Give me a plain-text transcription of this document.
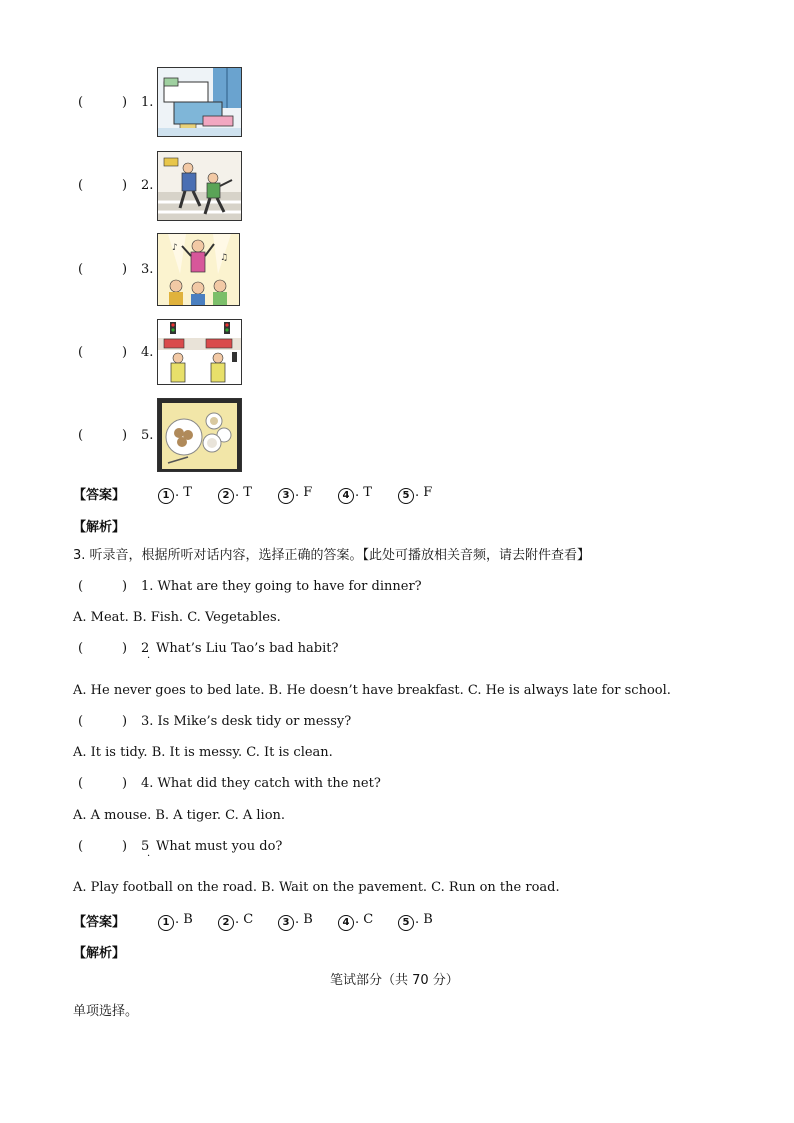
(	) 1.
(	) 2.
(	) 3.
♪
♫
(	) 4.
(	) 5.
【答案】	1 . T	2 . T	3 . F	4 . T	5 . F
【解析】
3. 听录音，根据所听对话内容，选择正确的答案。【此处可播放相关音频，请去附件查看】
(	) 1. What are they going to have for dinner?
A. Meat. B. Fish. C. Vegetables.
(	) 2
·
What’s Liu Tao’s bad habit?
A. He never goes to bed late. B. He doesn’t have breakfast. C. He is always late for school.
(	) 3. Is Mike’s desk tidy or messy?
A. It is tidy. B. It is messy. C. It is clean.
(	) 4. What did they catch with the net?
A. A mouse. B. A tiger. C. A lion.
(	) 5
·
What must you do?
A. Play football on the road. B. Wait on the pavement. C. Run on the road.
【答案】	1 . B	2 . C	3 . B	4 . C	5 . B
【解析】
笔试部分（共 70 分）
单项选择。
